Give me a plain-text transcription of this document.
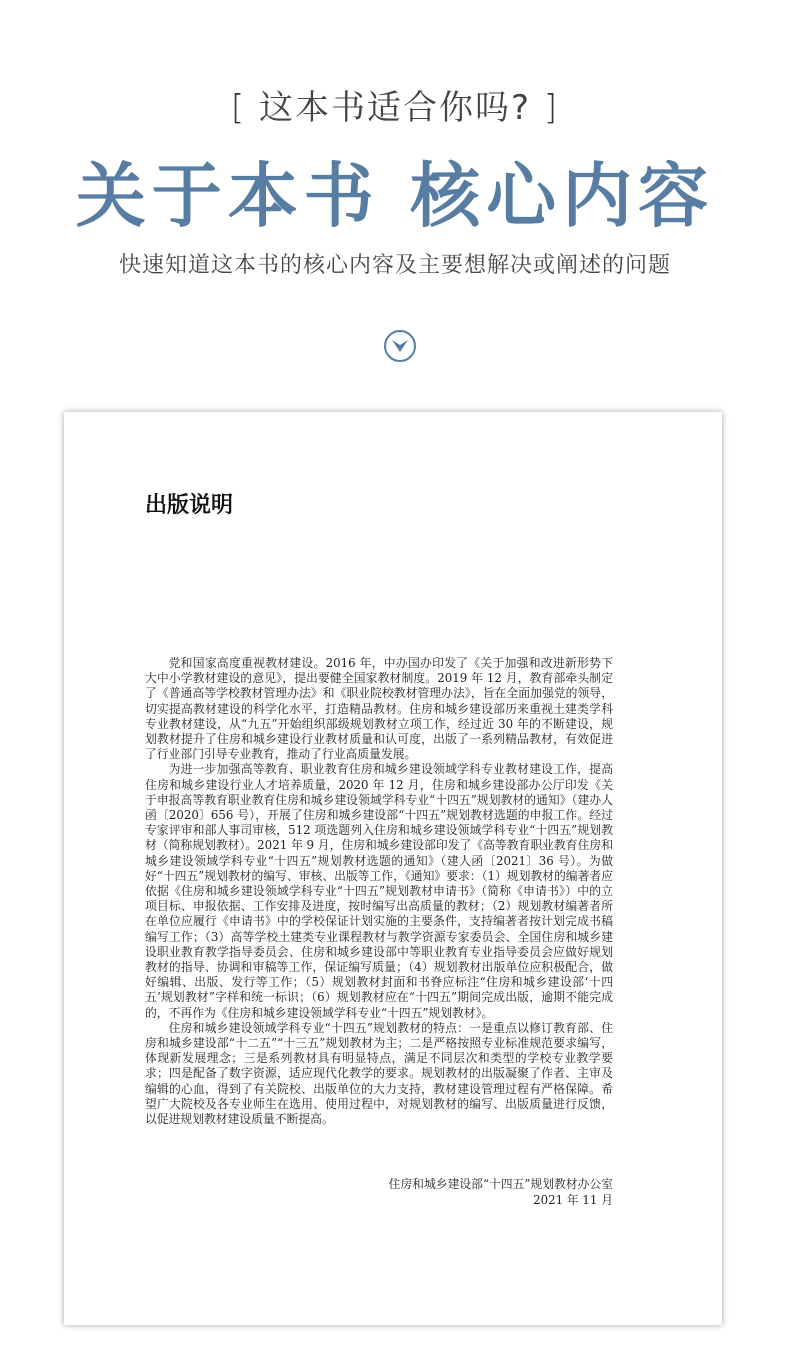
[ 这本书适合你吗? ]
关于本书 核心内容
快速知道这本书的核心内容及主要想解决或阐述的问题
出版说明

党和国家高度重视教材建设。2016 年，中办国办印发了《关于加强和改进新形势下大中小学教材建设的意见》，提出要健全国家教材制度。2019 年 12 月，教育部牵头制定了《普通高等学校教材管理办法》和《职业院校教材管理办法》，旨在全面加强党的领导，切实提高教材建设的科学化水平，打造精品教材。住房和城乡建设部历来重视土建类学科专业教材建设，从“九五”开始组织部级规划教材立项工作，经过近 30 年的不断建设，规划教材提升了住房和城乡建设行业教材质量和认可度，出版了一系列精品教材，有效促进了行业部门引导专业教育，推动了行业高质量发展。

为进一步加强高等教育、职业教育住房和城乡建设领域学科专业教材建设工作，提高住房和城乡建设行业人才培养质量，2020 年 12 月，住房和城乡建设部办公厅印发《关于申报高等教育职业教育住房和城乡建设领域学科专业“十四五”规划教材的通知》（建办人函〔2020〕656 号），开展了住房和城乡建设部“十四五”规划教材选题的申报工作。经过专家评审和部人事司审核，512 项选题列入住房和城乡建设领域学科专业“十四五”规划教材（简称规划教材）。2021 年 9 月，住房和城乡建设部印发了《高等教育职业教育住房和城乡建设领域学科专业“十四五”规划教材选题的通知》（建人函〔2021〕36 号）。为做好“十四五”规划教材的编写、审核、出版等工作，《通知》要求：（1）规划教材的编著者应依据《住房和城乡建设领域学科专业“十四五”规划教材申请书》（简称《申请书》）中的立项目标、申报依据、工作安排及进度，按时编写出高质量的教材；（2）规划教材编著者所在单位应履行《申请书》中的学校保证计划实施的主要条件，支持编著者按计划完成书稿编写工作；（3）高等学校土建类专业课程教材与教学资源专家委员会、全国住房和城乡建设职业教育教学指导委员会、住房和城乡建设部中等职业教育专业指导委员会应做好规划教材的指导、协调和审稿等工作，保证编写质量；（4）规划教材出版单位应积极配合，做好编辑、出版、发行等工作；（5）规划教材封面和书脊应标注“住房和城乡建设部‘十四五’规划教材”字样和统一标识；（6）规划教材应在“十四五”期间完成出版，逾期不能完成的，不再作为《住房和城乡建设领域学科专业“十四五”规划教材》。

住房和城乡建设领域学科专业“十四五”规划教材的特点：一是重点以修订教育部、住房和城乡建设部“十二五”“十三五”规划教材为主；二是严格按照专业标准规范要求编写，体现新发展理念；三是系列教材具有明显特点，满足不同层次和类型的学校专业教学要求；四是配备了数字资源，适应现代化教学的要求。规划教材的出版凝聚了作者、主审及编辑的心血，得到了有关院校、出版单位的大力支持，教材建设管理过程有严格保障。希望广大院校及各专业师生在选用、使用过程中，对规划教材的编写、出版质量进行反馈，以促进规划教材建设质量不断提高。

住房和城乡建设部“十四五”规划教材办公室
2021 年 11 月
